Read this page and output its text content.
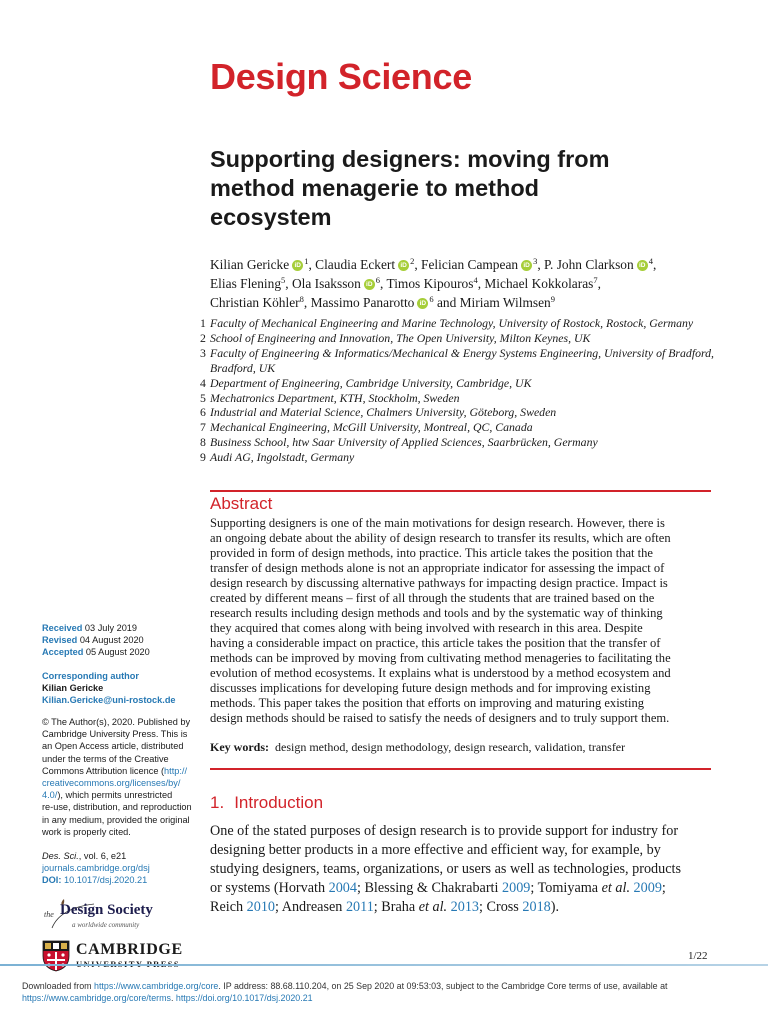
Design Science
Supporting designers: moving from
method menagerie to method
ecosystem
Kilian Gericke iD $^1$, Claudia Eckert iD $^2$, Felician Campean iD $^3$, P. John Clarkson iD $^4$,
Elias Flening$^5$, Ola Isaksson iD $^6$, Timos Kipouros$^4$, Michael Kokkolaras$^7$,
Christian Köhler$^8$, Massimo Panarotto iD $^6$ and Miriam Wilmsen$^9$
1 Faculty of Mechanical Engineering and Marine Technology, University of Rostock, Rostock, Germany
2 School of Engineering and Innovation, The Open University, Milton Keynes, UK
3 Faculty of Engineering & Informatics/Mechanical & Energy Systems Engineering, University of Bradford, Bradford, UK
4 Department of Engineering, Cambridge University, Cambridge, UK
5 Mechatronics Department, KTH, Stockholm, Sweden
6 Industrial and Material Science, Chalmers University, Göteborg, Sweden
7 Mechanical Engineering, McGill University, Montreal, QC, Canada
8 Business School, htw Saar University of Applied Sciences, Saarbrücken, Germany
9 Audi AG, Ingolstadt, Germany
Abstract
Supporting designers is one of the main motivations for design research. However, there is
an ongoing debate about the ability of design research to transfer its results, which are often
provided in form of design methods, into practice. This article takes the position that the
transfer of design methods alone is not an appropriate indicator for assessing the impact of
design research by discussing alternative pathways for impacting design practice. Impact is
created by different means – first of all through the students that are trained based on the
research results including design methods and tools and by the systematic way of thinking
they acquired that comes along with being involved with research in this area. Despite
having a considerable impact on practice, this article takes the position that the transfer of
methods can be improved by moving from cultivating method menageries to facilitating the
evolution of method ecosystems. It explains what is understood by a method ecosystem and
discusses implications for developing future design methods and for improving existing
methods. This paper takes the position that efforts on improving and maturing existing
design methods should be raised to satisfy the needs of designers and to truly support them.
Key words: design method, design methodology, design research, validation, transfer
1. Introduction
One of the stated purposes of design research is to provide support for industry for
designing better products in a more effective and efficient way, for example, by
studying designers, teams, organizations, or users as well as technologies, products
or systems (Horvath 2004; Blessing & Chakrabarti 2009; Tomiyama et al. 2009;
Reich 2010; Andreasen 2011; Braha et al. 2013; Cross 2018).
Received 03 July 2019
Revised 04 August 2020
Accepted 05 August 2020
Corresponding author
Kilian Gericke
Kilian.Gericke@uni-rostock.de
© The Author(s), 2020. Published by
Cambridge University Press. This is
an Open Access article, distributed
under the terms of the Creative
Commons Attribution licence (http://
creativecommons.org/licenses/by/
4.0/), which permits unrestricted
re-use, distribution, and reproduction
in any medium, provided the original
work is properly cited.
Des. Sci., vol. 6, e21
journals.cambridge.org/dsj
DOI: 10.1017/dsj.2020.21
the Design Society
a worldwide community
CAMBRIDGE	1/22
Downloaded from https://www.cambridge.org/core. IP address: 88.68.110.204, on 25 Sep 2020 at 09:53:03, subject to the Cambridge Core terms of use, available at
https://www.cambridge.org/core/terms. https://doi.org/10.1017/dsj.2020.21
